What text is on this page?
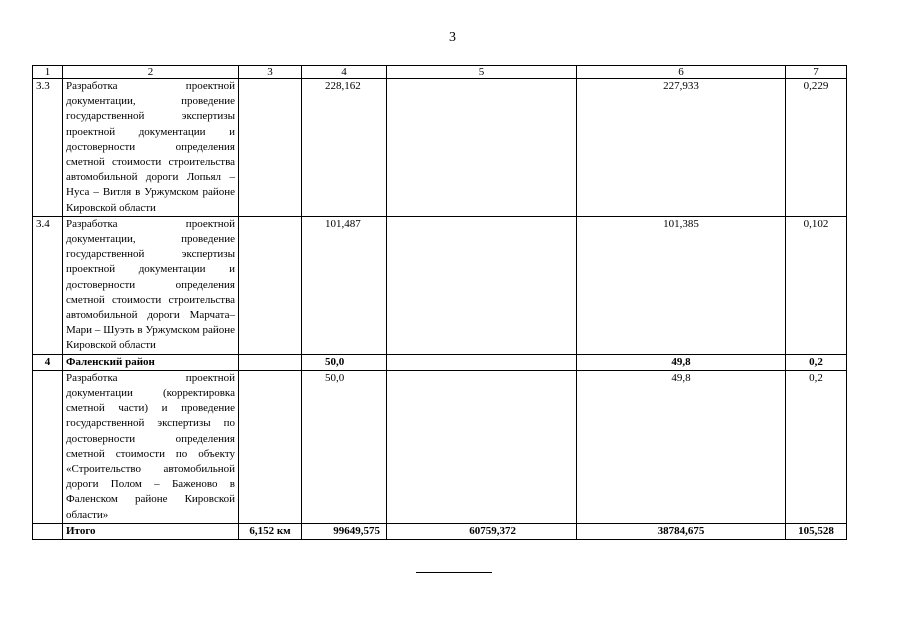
3
1	2	3	4	5	6	7
3.3	Разработка проектной документации, проведение государственной экспертизы проектной документации и достоверности определения сметной стоимости строительства автомобильной дороги Лопьял – Нуса – Витля в Уржумском районе Кировской области		228,162		227,933	0,229
3.4	Разработка проектной документации, проведение государственной экспертизы проектной документации и достоверности определения сметной стоимости строительства автомобильной дороги Марчата–Мари – Шуэть в Уржумском районе Кировской области		101,487		101,385	0,102
4	Фаленский район		50,0		49,8	0,2
	Разработка проектной документации (корректировка сметной части) и проведение государственной экспертизы по достоверности определения сметной стоимости по объекту «Строительство автомобильной дороги Полом – Баженово в Фаленском районе Кировской области»		50,0		49,8	0,2
	Итого	6,152 км	99649,575	60759,372	38784,675	105,528
